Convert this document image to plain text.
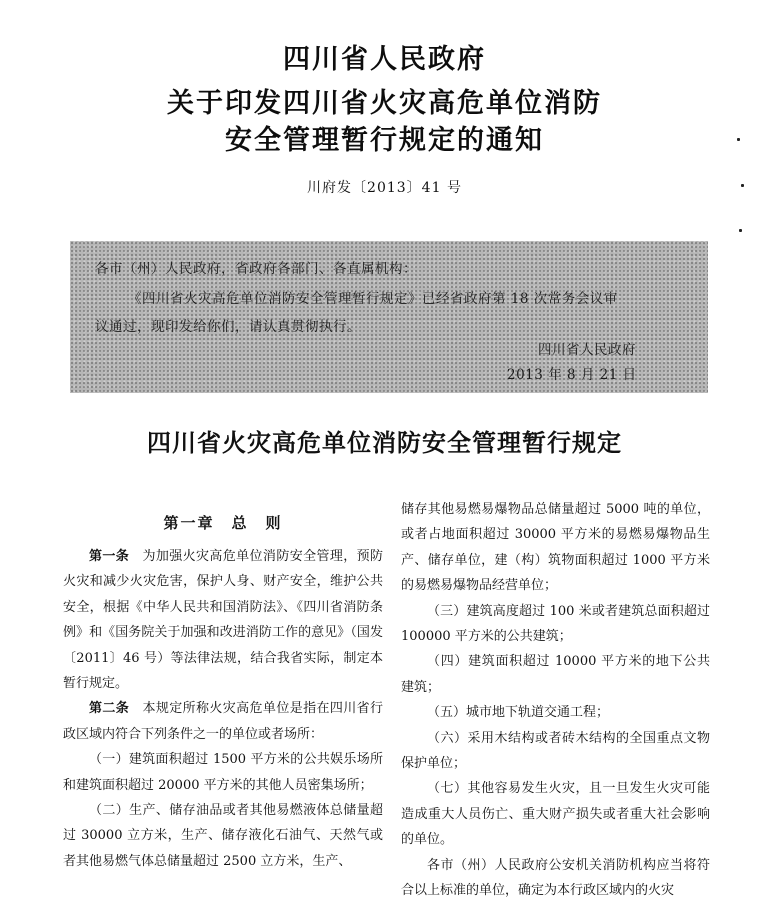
四川省人民政府
关于印发四川省火灾高危单位消防
安全管理暂行规定的通知
川府发〔2013〕41 号
各市（州）人民政府，省政府各部门、各直属机构：
《四川省火灾高危单位消防安全管理暂行规定》已经省政府第 18 次常务会议审
议通过，现印发给你们，请认真贯彻执行。
四川省人民政府
2013 年 8 月 21 日
四川省火灾高危单位消防安全管理暂行规定
第一章　总　则

第一条　为加强火灾高危单位消防安全管理，预防火灾和减少火灾危害，保护人身、财产安全，维护公共安全，根据《中华人民共和国消防法》、《四川省消防条例》和《国务院关于加强和改进消防工作的意见》（国发〔2011〕46 号）等法律法规，结合我省实际，制定本暂行规定。

第二条　本规定所称火灾高危单位是指在四川省行政区域内符合下列条件之一的单位或者场所：

（一）建筑面积超过 1500 平方米的公共娱乐场所和建筑面积超过 20000 平方米的其他人员密集场所；

（二）生产、储存油品或者其他易燃液体总储量超过 30000 立方米，生产、储存液化石油气、天然气或者其他易燃气体总储量超过 2500 立方米，生产、

储存其他易燃易爆物品总储量超过 5000 吨的单位，或者占地面积超过 30000 平方米的易燃易爆物品生产、储存单位，建（构）筑物面积超过 1000 平方米的易燃易爆物品经营单位；

（三）建筑高度超过 100 米或者建筑总面积超过 100000 平方米的公共建筑；

（四）建筑面积超过 10000 平方米的地下公共建筑；

（五）城市地下轨道交通工程；

（六）采用木结构或者砖木结构的全国重点文物保护单位；

（七）其他容易发生火灾，且一旦发生火灾可能造成重大人员伤亡、重大财产损失或者重大社会影响的单位。

各市（州）人民政府公安机关消防机构应当将符合以上标准的单位，确定为本行政区域内的火灾
